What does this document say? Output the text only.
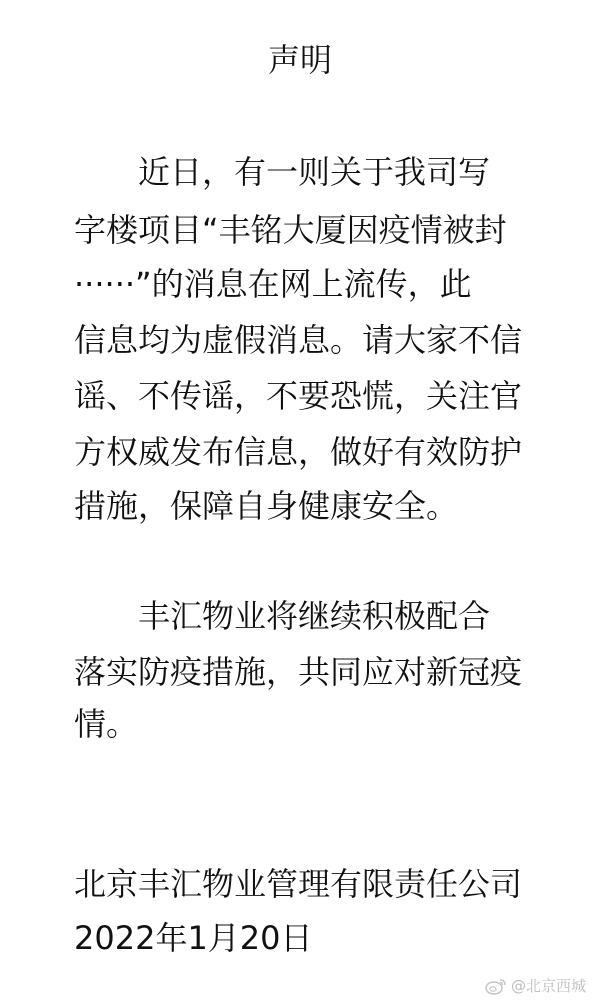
声明

　　近日，有一则关于我司写

字楼项目“丰铭大厦因疫情被封

······”的消息在网上流传，此

信息均为虚假消息。请大家不信

谣、不传谣，不要恐慌，关注官

方权威发布信息，做好有效防护

措施，保障自身健康安全。

　　丰汇物业将继续积极配合

落实防疫措施，共同应对新冠疫

情。

北京丰汇物业管理有限责任公司

2022年1月20日

@北京西城
